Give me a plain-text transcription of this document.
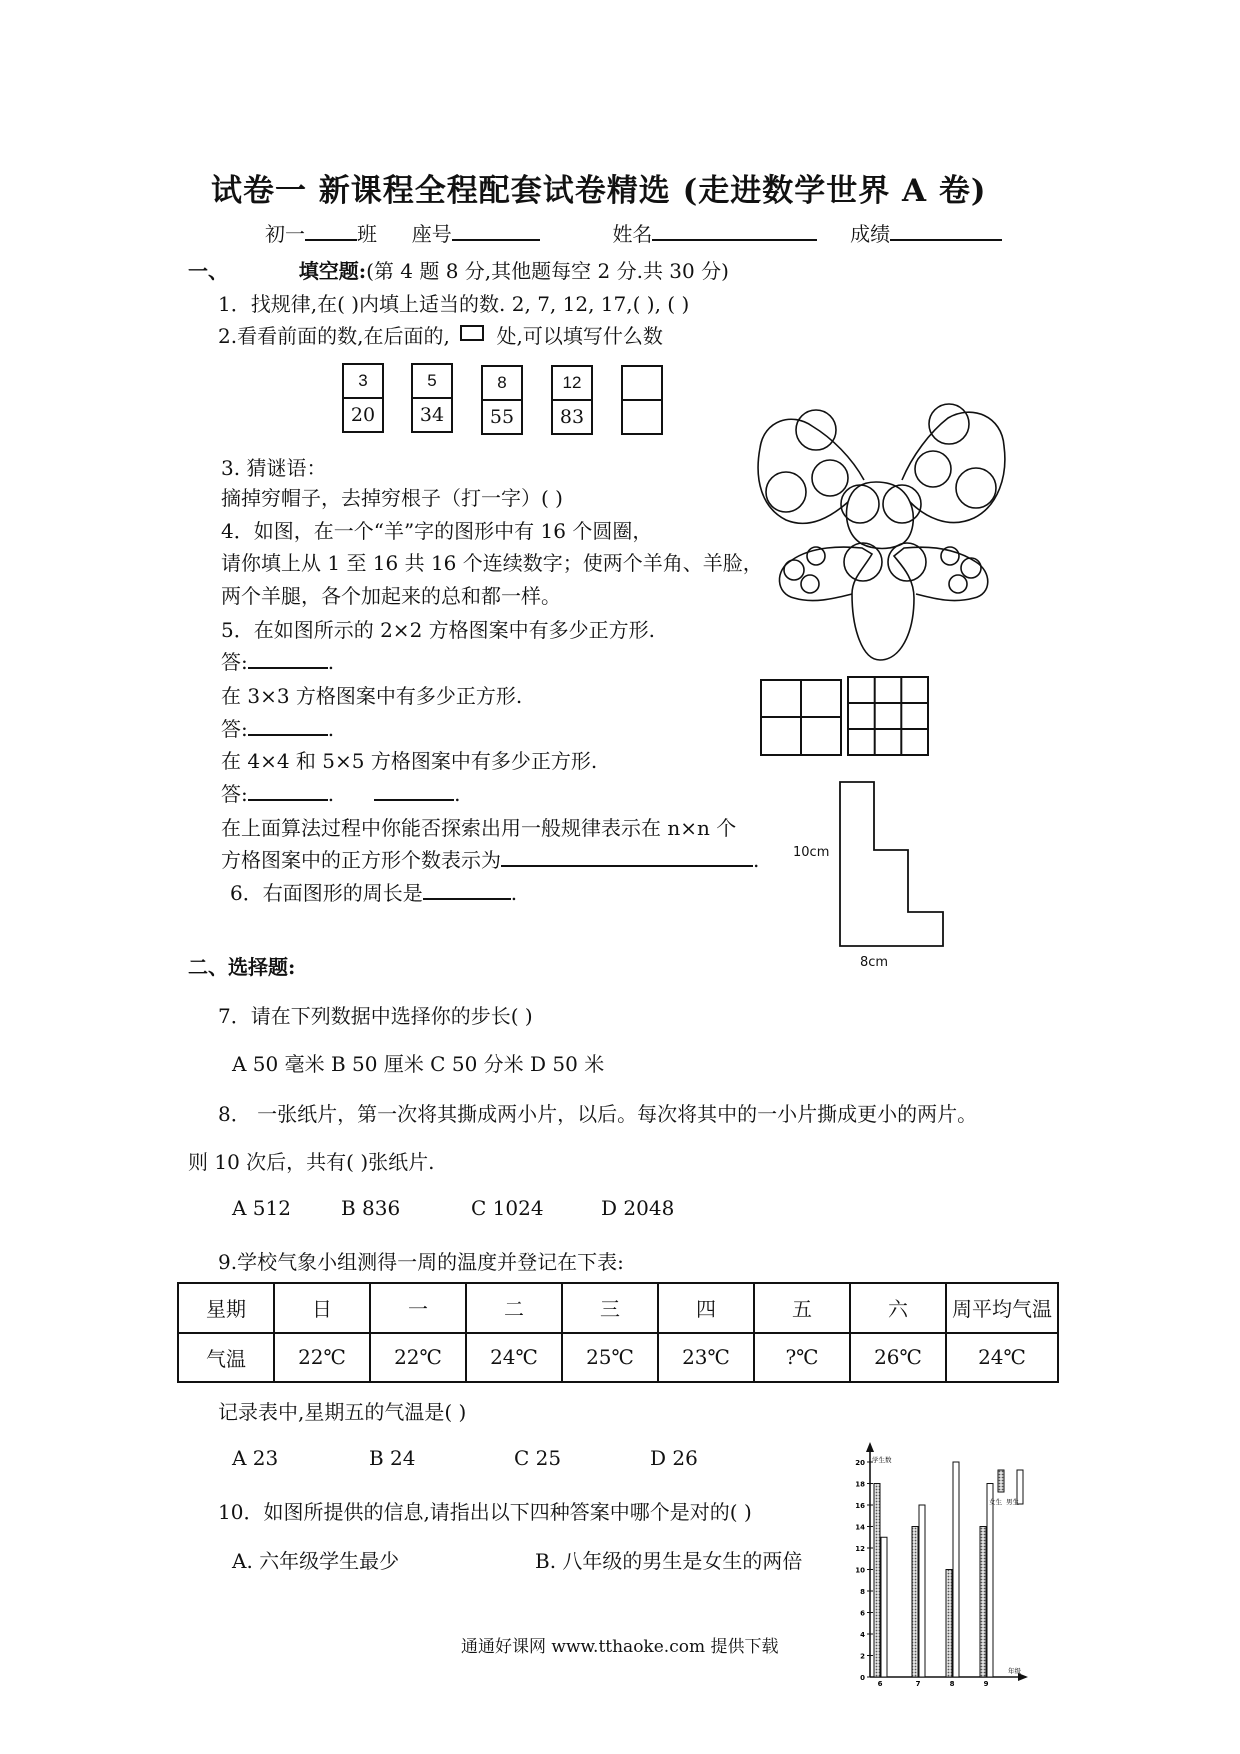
试卷一 新课程全程配套试卷精选 (走进数学世界 A 卷)
初一	班 座号	姓名	成绩
一、	填空题:(第 4 题 8 分,其他题每空 2 分.共 30 分)
1．找规律,在( )内填上适当的数. 2, 7, 12, 17,( ), ( )
2.看看前面的数,在后面的, 处,可以填写什么数
3
20
5
34
8
55
12
83
3. 猜谜语：
摘掉穷帽子，去掉穷根子（打一字）( )
4．如图，在一个“羊”字的图形中有 16 个圆圈，
请你填上从 1 至 16 共 16 个连续数字；使两个羊角、羊脸，
两个羊腿，各个加起来的总和都一样。
5．在如图所示的 2×2 方格图案中有多少正方形.
答:	.
在 3×3 方格图案中有多少正方形.
答:	.
在 4×4 和 5×5 方格图案中有多少正方形.
答:	.	.
在上面算法过程中你能否探索出用一般规律表示在 n×n 个
方格图案中的正方形个数表示为	.
6．右面图形的周长是	.
10cm
8cm
二、选择题:
7．请在下列数据中选择你的步长( )
A 50 毫米 B 50 厘米 C 50 分米 D 50 米
8． 一张纸片，第一次将其撕成两小片，以后。每次将其中的一小片撕成更小的两片。
则 10 次后，共有( )张纸片.
A 512	B 836	C 1024	D 2048
9.学校气象小组测得一周的温度并登记在下表:
星期	日	一	二	三	四	五	六	周平均气温
气温	22℃	22℃	24℃	25℃	23℃	?℃	26℃	24℃
记录表中,星期五的气温是( )
A 23	B 24	C 25	D 26
10．如图所提供的信息,请指出以下四种答案中哪个是对的( )
A. 六年级学生最少	B. 八年级的男生是女生的两倍
0
2
4
6
8
10
12
14
16
18
20
6	7	8	9
学生数
年级
女生 男生
通通好课网 www.tthaoke.com 提供下载
